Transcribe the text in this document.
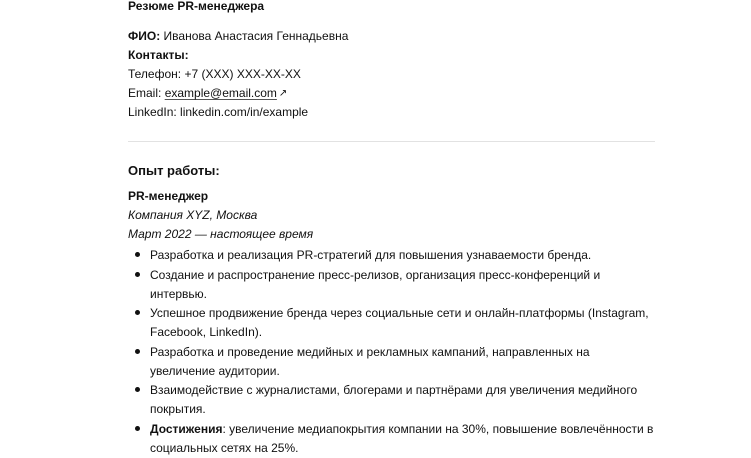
Резюме PR-менеджера
ФИО: Иванова Анастасия Геннадьевна
Контакты:
Телефон: +7 (XXX) XXX-XX-XX
Email: example@email.com ↗
LinkedIn: linkedin.com/in/example
Опыт работы:
PR-менеджер
Компания XYZ, Москва
Март 2022 — настоящее время
Разработка и реализация PR-стратегий для повышения узнаваемости бренда.
Создание и распространение пресс-релизов, организация пресс-конференций и интервью.
Успешное продвижение бренда через социальные сети и онлайн-платформы (Instagram, Facebook, LinkedIn).
Разработка и проведение медийных и рекламных кампаний, направленных на увеличение аудитории.
Взаимодействие с журналистами, блогерами и партнёрами для увеличения медийного покрытия.
Достижения: увеличение медиапокрытия компании на 30%, повышение вовлечённости в социальных сетях на 25%.
